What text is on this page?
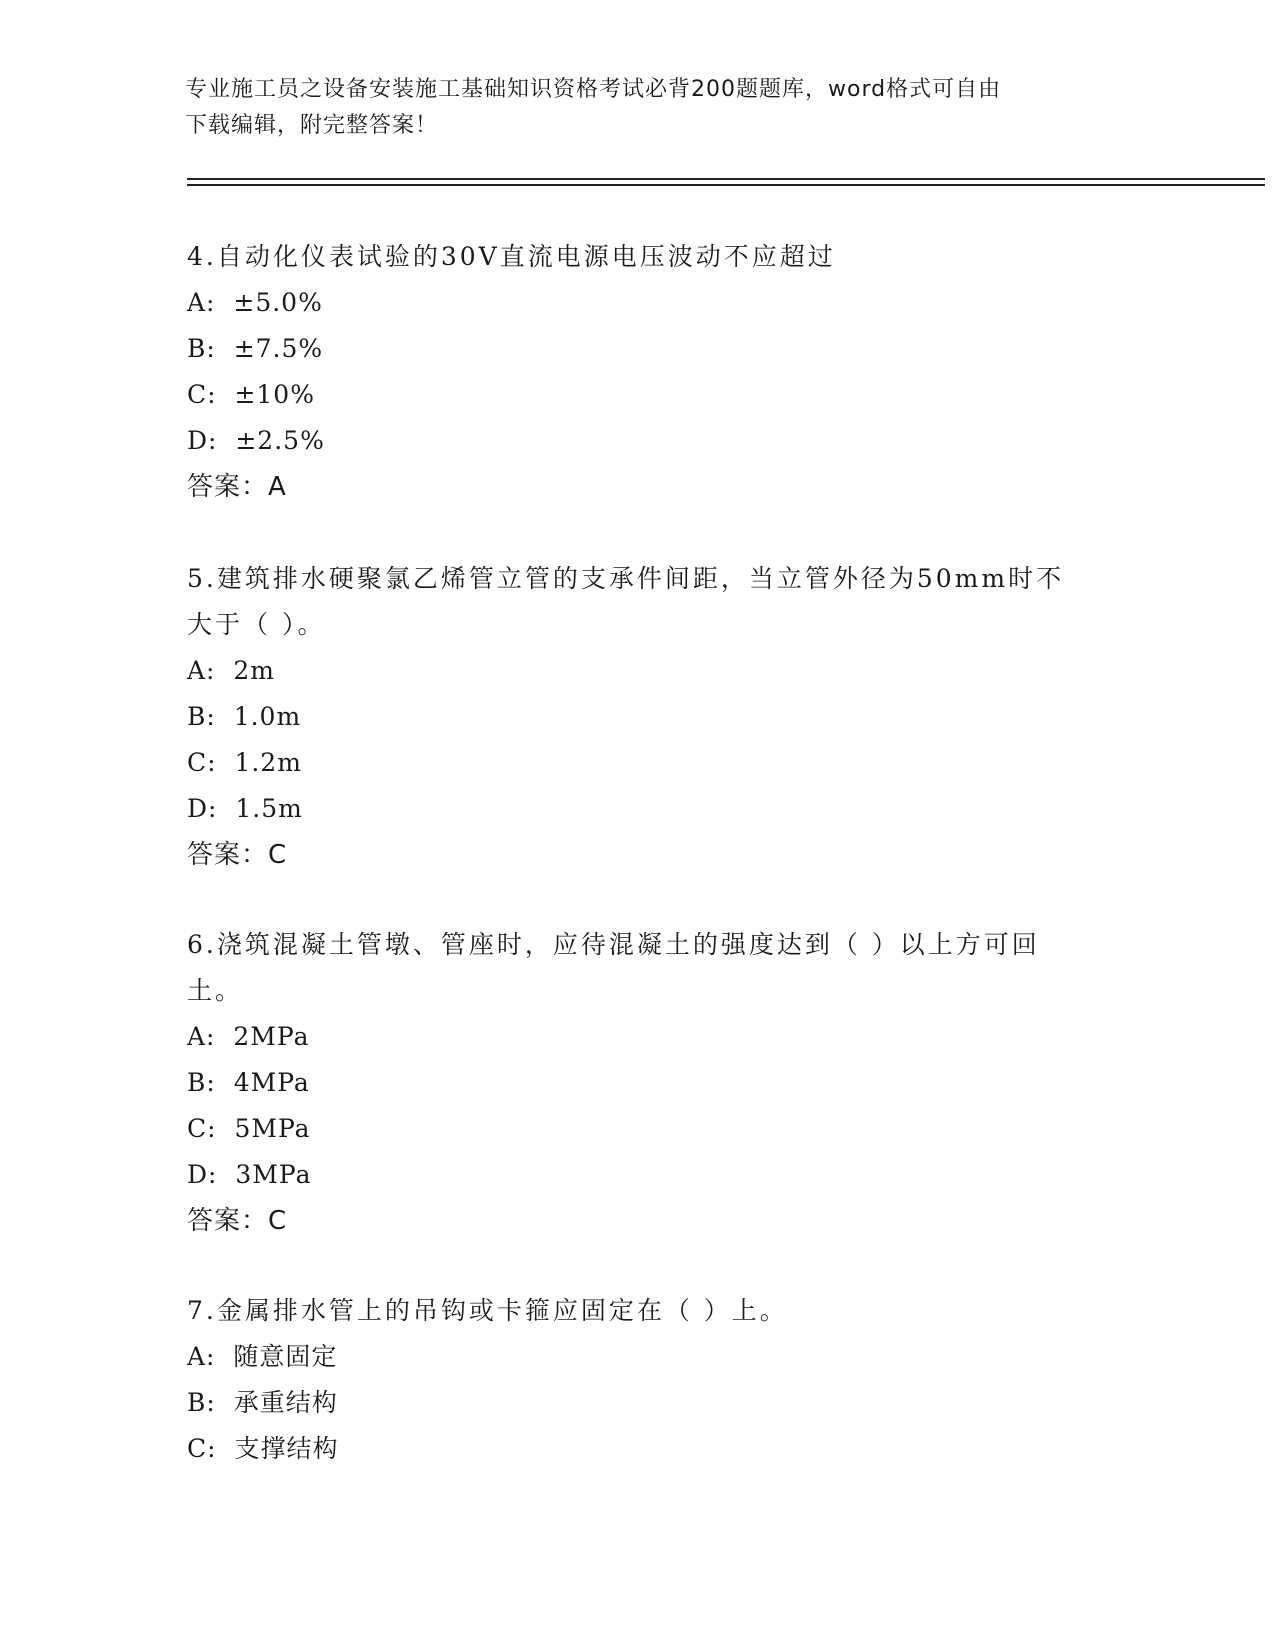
专业施工员之设备安装施工基础知识资格考试必背200题题库，word格式可自由
下载编辑，附完整答案！
4.自动化仪表试验的30V直流电源电压波动不应超过
A:  ±5.0%
B:  ±7.5%
C:  ±10%
D:  ±2.5%
答案：A
5.建筑排水硬聚氯乙烯管立管的支承件间距，当立管外径为50mm时不
大于（ ）。
A:  2m
B:  1.0m
C:  1.2m
D:  1.5m
答案：C
6.浇筑混凝土管墩、管座时，应待混凝土的强度达到（ ）以上方可回
土。
A:  2MPa
B:  4MPa
C:  5MPa
D:  3MPa
答案：C
7.金属排水管上的吊钩或卡箍应固定在（ ）上。
A:  随意固定
B:  承重结构
C:  支撑结构
